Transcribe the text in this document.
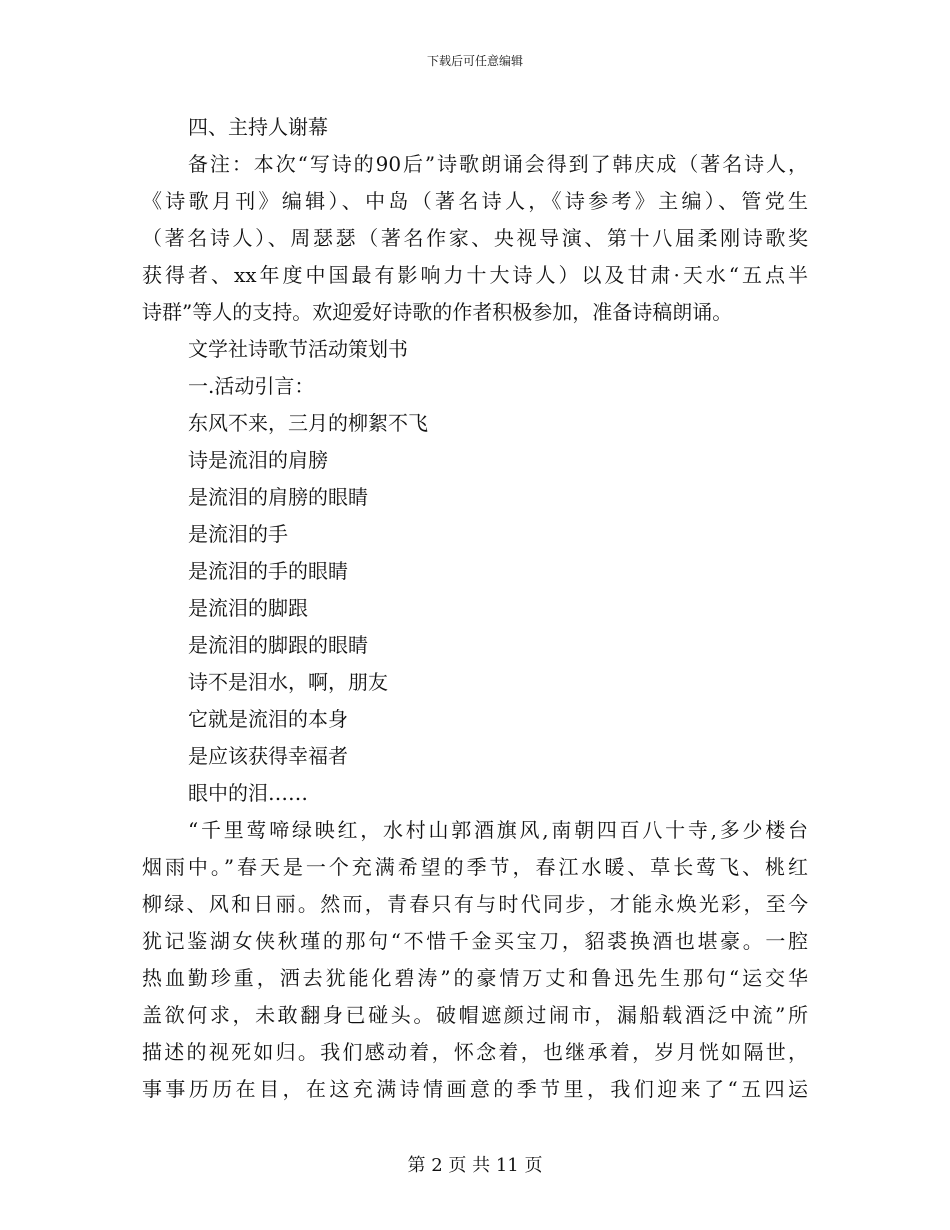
下载后可任意编辑
四、主持人谢幕
备注：本次“写诗的90后”诗歌朗诵会得到了韩庆成（著名诗人，
《诗歌月刊》编辑）、中岛（著名诗人，《诗参考》主编）、管党生
（著名诗人）、周瑟瑟（著名作家、央视导演、第十八届柔刚诗歌奖
获得者、xx年度中国最有影响力十大诗人）以及甘肃·天水“五点半
诗群”等人的支持。欢迎爱好诗歌的作者积极参加，准备诗稿朗诵。
文学社诗歌节活动策划书
一.活动引言：
东风不来，三月的柳絮不飞
诗是流泪的肩膀
是流泪的肩膀的眼睛
是流泪的手
是流泪的手的眼睛
是流泪的脚跟
是流泪的脚跟的眼睛
诗不是泪水，啊，朋友
它就是流泪的本身
是应该获得幸福者
眼中的泪……
“千里莺啼绿映红，水村山郭酒旗风,南朝四百八十寺,多少楼台
烟雨中。”春天是一个充满希望的季节，春江水暖、草长莺飞、桃红
柳绿、风和日丽。然而，青春只有与时代同步，才能永焕光彩，至今
犹记鉴湖女侠秋瑾的那句“不惜千金买宝刀，貂裘换酒也堪豪。一腔
热血勤珍重，洒去犹能化碧涛”的豪情万丈和鲁迅先生那句“运交华
盖欲何求，未敢翻身已碰头。破帽遮颜过闹市，漏船载酒泛中流”所
描述的视死如归。我们感动着，怀念着，也继承着，岁月恍如隔世，
事事历历在目，在这充满诗情画意的季节里，我们迎来了“五四运
第 2 页 共 11 页
